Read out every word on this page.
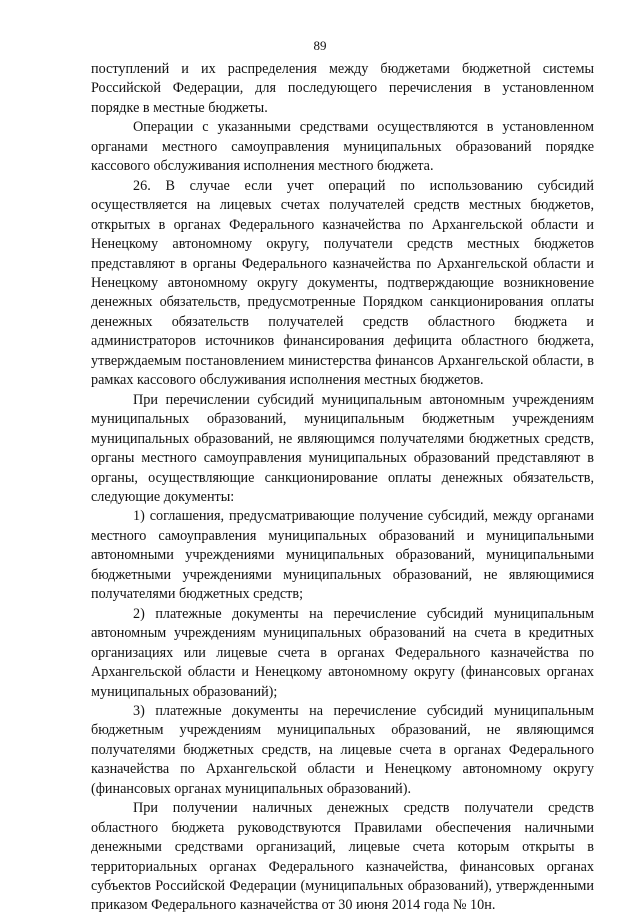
89

поступлений и их распределения между бюджетами бюджетной системы Российской Федерации, для последующего перечисления в установленном порядке в местные бюджеты.

Операции с указанными средствами осуществляются в установленном органами местного самоуправления муниципальных образований порядке кассового обслуживания исполнения местного бюджета.

26. В случае если учет операций по использованию субсидий осуществляется на лицевых счетах получателей средств местных бюджетов, открытых в органах Федерального казначейства по Архангельской области и Ненецкому автономному округу, получатели средств местных бюджетов представляют в органы Федерального казначейства по Архангельской области и Ненецкому автономному округу документы, подтверждающие возникновение денежных обязательств, предусмотренные Порядком санкционирования оплаты денежных обязательств получателей средств областного бюджета и администраторов источников финансирования дефицита областного бюджета, утверждаемым постановлением министерства финансов Архангельской области, в рамках кассового обслуживания исполнения местных бюджетов.

При перечислении субсидий муниципальным автономным учреждениям муниципальных образований, муниципальным бюджетным учреждениям муниципальных образований, не являющимся получателями бюджетных средств, органы местного самоуправления муниципальных образований представляют в органы, осуществляющие санкционирование оплаты денежных обязательств, следующие документы:

1) соглашения, предусматривающие получение субсидий, между органами местного самоуправления муниципальных образований и муниципальными автономными учреждениями муниципальных образований, муниципальными бюджетными учреждениями муниципальных образований, не являющимися получателями бюджетных средств;

2) платежные документы на перечисление субсидий муниципальным автономным учреждениям муниципальных образований на счета в кредитных организациях или лицевые счета в органах Федерального казначейства по Архангельской области и Ненецкому автономному округу (финансовых органах муниципальных образований);

3) платежные документы на перечисление субсидий муниципальным бюджетным учреждениям муниципальных образований, не являющимся получателями бюджетных средств, на лицевые счета в органах Федерального казначейства по Архангельской области и Ненецкому автономному округу (финансовых органах муниципальных образований).

При получении наличных денежных средств получатели средств областного бюджета руководствуются Правилами обеспечения наличными денежными средствами организаций, лицевые счета которым открыты в территориальных органах Федерального казначейства, финансовых органах субъектов Российской Федерации (муниципальных образований), утвержденными приказом Федерального казначейства от 30 июня 2014 года № 10н.
